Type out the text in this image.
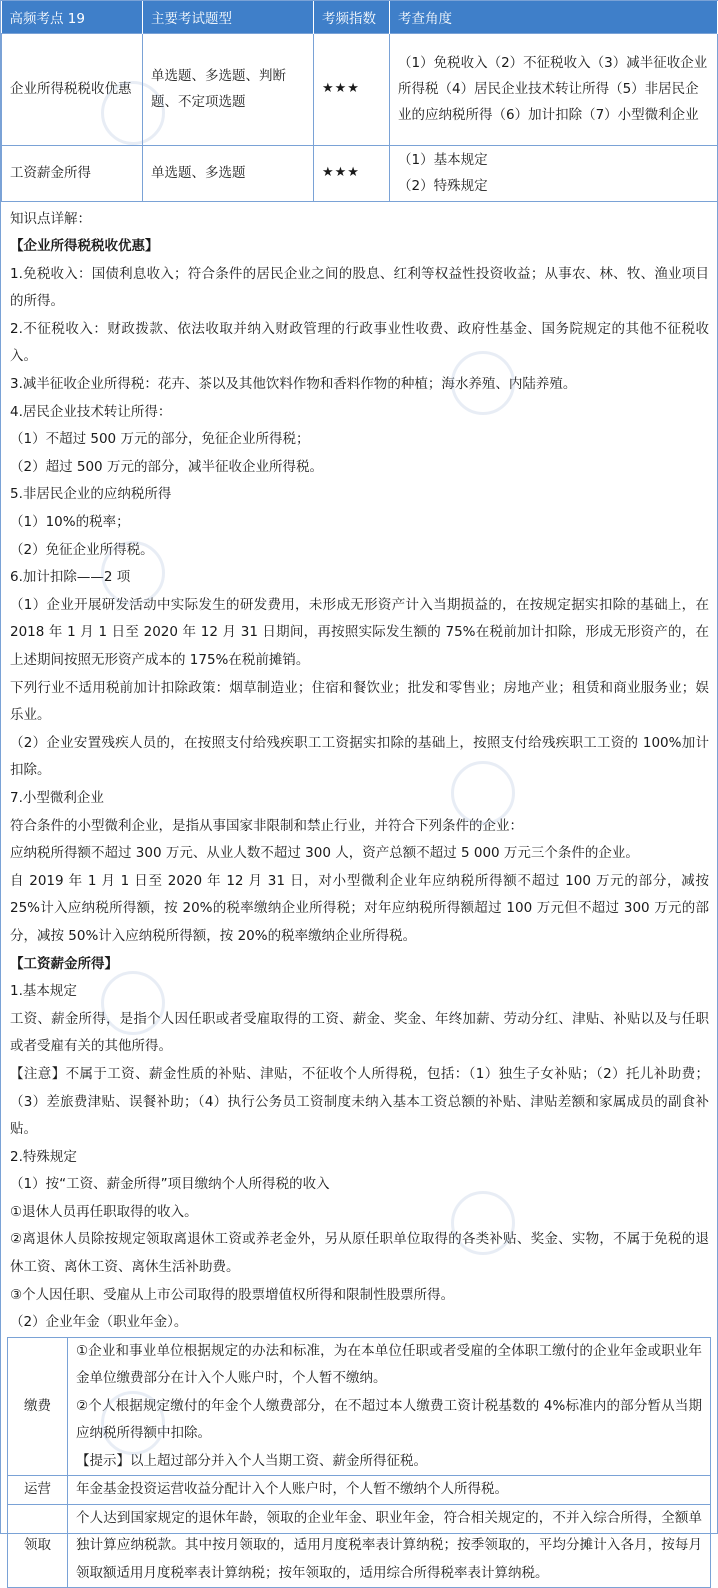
高频考点 19	主要考试题型	考频指数	考查角度
企业所得税税收优惠	单选题、多选题、判断题、不定项选题	★★★	（1）免税收入（2）不征税收入（3）减半征收企业所得税（4）居民企业技术转让所得（5）非居民企业的应纳税所得（6）加计扣除（7）小型微利企业
工资薪金所得	单选题、多选题	★★★	（1）基本规定
（2）特殊规定

知识点详解：

【企业所得税税收优惠】

1.免税收入：国债利息收入；符合条件的居民企业之间的股息、红利等权益性投资收益；从事农、林、牧、渔业项目的所得。

2.不征税收入：财政拨款、依法收取并纳入财政管理的行政事业性收费、政府性基金、国务院规定的其他不征税收入。

3.减半征收企业所得税：花卉、茶以及其他饮料作物和香料作物的种植；海水养殖、内陆养殖。

4.居民企业技术转让所得：

（1）不超过 500 万元的部分，免征企业所得税；

（2）超过 500 万元的部分，减半征收企业所得税。

5.非居民企业的应纳税所得

（1）10%的税率；

（2）免征企业所得税。

6.加计扣除——2 项

（1）企业开展研发活动中实际发生的研发费用，未形成无形资产计入当期损益的，在按规定据实扣除的基础上，在 2018 年 1 月 1 日至 2020 年 12 月 31 日期间，再按照实际发生额的 75%在税前加计扣除，形成无形资产的，在上述期间按照无形资产成本的 175%在税前摊销。

下列行业不适用税前加计扣除政策：烟草制造业；住宿和餐饮业；批发和零售业；房地产业；租赁和商业服务业；娱乐业。

（2）企业安置残疾人员的，在按照支付给残疾职工工资据实扣除的基础上，按照支付给残疾职工工资的 100%加计扣除。

7.小型微利企业

符合条件的小型微利企业，是指从事国家非限制和禁止行业，并符合下列条件的企业：

应纳税所得额不超过 300 万元、从业人数不超过 300 人，资产总额不超过 5 000 万元三个条件的企业。

自 2019 年 1 月 1 日至 2020 年 12 月 31 日，对小型微利企业年应纳税所得额不超过 100 万元的部分，减按 25%计入应纳税所得额，按 20%的税率缴纳企业所得税；对年应纳税所得额超过 100 万元但不超过 300 万元的部分，减按 50%计入应纳税所得额，按 20%的税率缴纳企业所得税。

【工资薪金所得】

1.基本规定

工资、薪金所得，是指个人因任职或者受雇取得的工资、薪金、奖金、年终加薪、劳动分红、津贴、补贴以及与任职或者受雇有关的其他所得。

【注意】不属于工资、薪金性质的补贴、津贴，不征收个人所得税，包括：（1）独生子女补贴；（2）托儿补助费；（3）差旅费津贴、误餐补助；（4）执行公务员工资制度未纳入基本工资总额的补贴、津贴差额和家属成员的副食补贴。

2.特殊规定

（1）按“工资、薪金所得”项目缴纳个人所得税的收入

①退休人员再任职取得的收入。

②离退休人员除按规定领取离退休工资或养老金外，另从原任职单位取得的各类补贴、奖金、实物，不属于免税的退休工资、离休工资、离休生活补助费。

③个人因任职、受雇从上市公司取得的股票增值权所得和限制性股票所得。

（2）企业年金（职业年金）。

缴费	①企业和事业单位根据规定的办法和标准，为在本单位任职或者受雇的全体职工缴付的企业年金或职业年金单位缴费部分在计入个人账户时，个人暂不缴纳。
②个人根据规定缴付的年金个人缴费部分，在不超过本人缴费工资计税基数的 4%标准内的部分暂从当期应纳税所得额中扣除。
【提示】以上超过部分并入个人当期工资、薪金所得征税。

运营	年金基金投资运营收益分配计入个人账户时，个人暂不缴纳个人所得税。
领取	个人达到国家规定的退休年龄，领取的企业年金、职业年金，符合相关规定的，不并入综合所得，全额单独计算应纳税款。其中按月领取的，适用月度税率表计算纳税；按季领取的，平均分摊计入各月，按每月领取额适用月度税率表计算纳税；按年领取的，适用综合所得税率表计算纳税。
